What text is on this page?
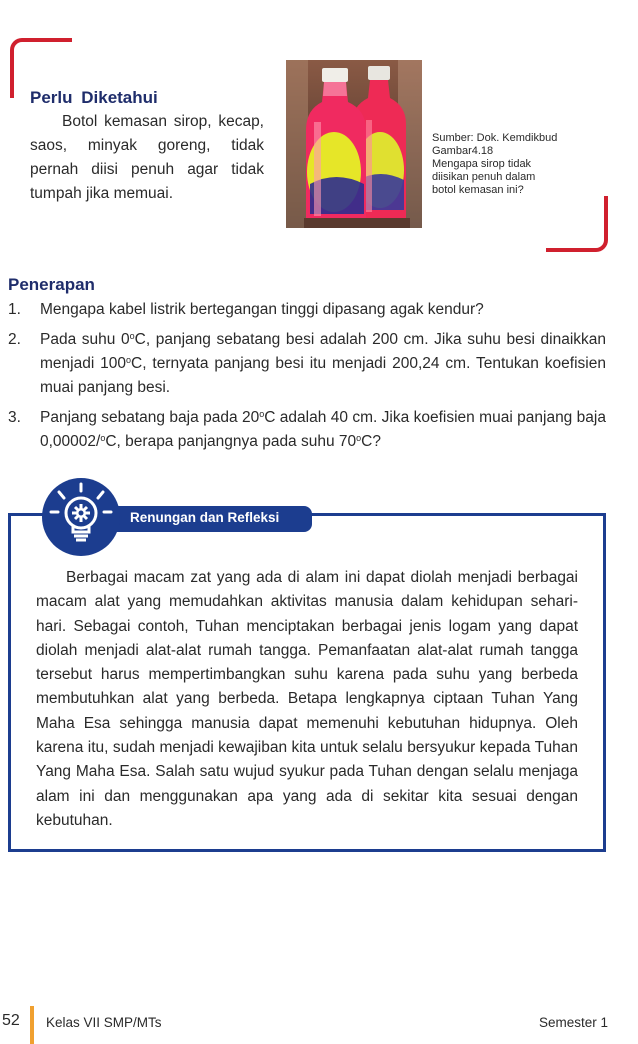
Perlu Diketahui
Botol kemasan sirop, kecap, saos, minyak goreng, tidak pernah diisi penuh agar tidak tumpah jika memuai.
Sumber: Dok. Kemdikbud
Gambar4.18
Mengapa sirop tidak diisikan penuh dalam botol kemasan ini?
Penerapan
1. Mengapa kabel listrik bertegangan tinggi dipasang agak kendur?
2. Pada suhu 0$^o$C, panjang sebatang besi adalah 200 cm. Jika suhu besi dinaikkan menjadi 100$^o$C, ternyata panjang besi itu menjadi 200,24 cm. Tentukan koefisien muai panjang besi.
3. Panjang sebatang baja pada 20$^o$C adalah 40 cm. Jika koefisien muai panjang baja 0,00002/$^o$C, berapa panjangnya pada suhu 70$^o$C?
Renungan dan Refleksi
Berbagai macam zat yang ada di alam ini dapat diolah menjadi berbagai macam alat yang memudahkan aktivitas manusia dalam kehidupan sehari-hari. Sebagai contoh, Tuhan menciptakan berbagai jenis logam yang dapat diolah menjadi alat-alat rumah tangga. Pemanfaatan alat-alat rumah tangga tersebut harus mempertimbangkan suhu karena pada suhu yang berbeda membutuhkan alat yang berbeda. Betapa lengkapnya ciptaan Tuhan Yang Maha Esa sehingga manusia dapat memenuhi kebutuhan hidupnya. Oleh karena itu, sudah menjadi kewajiban kita untuk selalu bersyukur kepada Tuhan Yang Maha Esa. Salah satu wujud syukur pada Tuhan dengan selalu menjaga alam ini dan menggunakan apa yang ada di sekitar kita sesuai dengan kebutuhan.
52 Kelas VII SMP/MTs	Semester 1
